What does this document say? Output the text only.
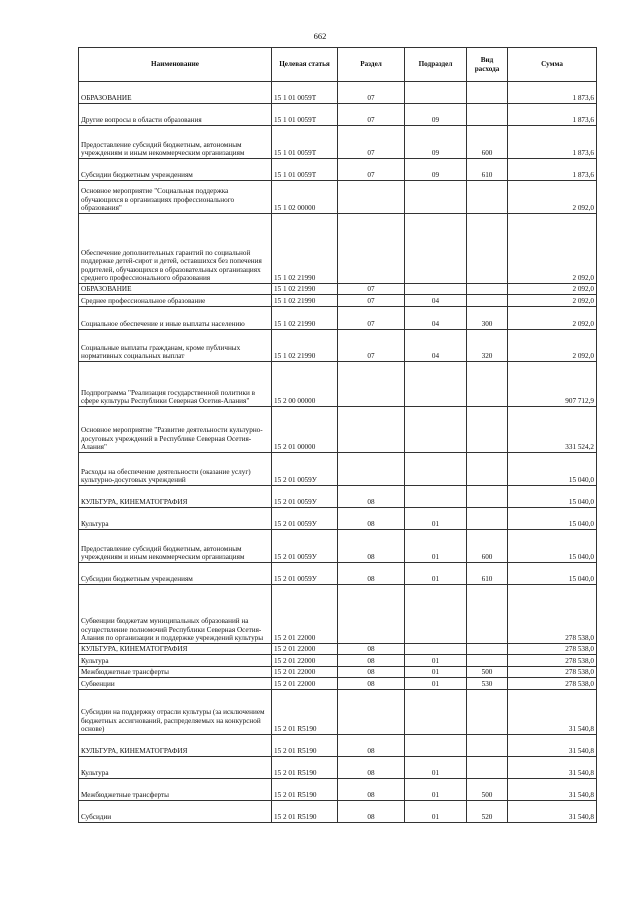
662
Наименование	Целевая статья	Раздел	Подраздел	Вид расхода	Сумма
ОБРАЗОВАНИЕ	15 1 01 0059Т	07			1 873,6
Другие вопросы в области образования	15 1 01 0059Т	07	09		1 873,6
Предоставление субсидий бюджетным, автономным учреждениям и иным некоммерческим организациям	15 1 01 0059Т	07	09	600	1 873,6
Субсидии бюджетным учреждениям	15 1 01 0059Т	07	09	610	1 873,6
Основное мероприятие "Социальная поддержка обучающихся в организациях профессионального образования"	15 1 02 00000				2 092,0
Обеспечение дополнительных гарантий по социальной поддержке детей-сирот и детей, оставшихся без попечения родителей, обучающихся в образовательных организациях среднего профессионального образования	15 1 02 21990				2 092,0
ОБРАЗОВАНИЕ	15 1 02 21990	07			2 092,0
Среднее профессиональное образование	15 1 02 21990	07	04		2 092,0
Социальное обеспечение и иные выплаты населению	15 1 02 21990	07	04	300	2 092,0
Социальные выплаты гражданам, кроме публичных нормативных социальных выплат	15 1 02 21990	07	04	320	2 092,0
Подпрограмма "Реализация государственной политики в сфере культуры Республики Северная Осетия-Алания"	15 2 00 00000				907 712,9
Основное мероприятие "Развитие деятельности культурно-досуговых учреждений в Республике Северная Осетия-Алания"	15 2 01 00000				331 524,2
Расходы на обеспечение деятельности (оказание услуг) культурно-досуговых учреждений	15 2 01 0059У				15 040,0
КУЛЬТУРА, КИНЕМАТОГРАФИЯ	15 2 01 0059У	08			15 040,0
Культура	15 2 01 0059У	08	01		15 040,0
Предоставление субсидий бюджетным, автономным учреждениям и иным некоммерческим организациям	15 2 01 0059У	08	01	600	15 040,0
Субсидии бюджетным учреждениям	15 2 01 0059У	08	01	610	15 040,0
Субвенции бюджетам муниципальных образований на осуществление полномочий Республики Северная Осетия-Алания по организации и поддержке учреждений культуры	15 2 01 22000				278 538,0
КУЛЬТУРА, КИНЕМАТОГРАФИЯ	15 2 01 22000	08			278 538,0
Культура	15 2 01 22000	08	01		278 538,0
Межбюджетные трансферты	15 2 01 22000	08	01	500	278 538,0
Субвенции	15 2 01 22000	08	01	530	278 538,0
Субсидии на поддержку отрасли культуры (за исключением бюджетных ассигнований, распределяемых на конкурсной основе)	15 2 01 R5190				31 540,8
КУЛЬТУРА, КИНЕМАТОГРАФИЯ	15 2 01 R5190	08			31 540,8
Культура	15 2 01 R5190	08	01		31 540,8
Межбюджетные трансферты	15 2 01 R5190	08	01	500	31 540,8
Субсидии	15 2 01 R5190	08	01	520	31 540,8
